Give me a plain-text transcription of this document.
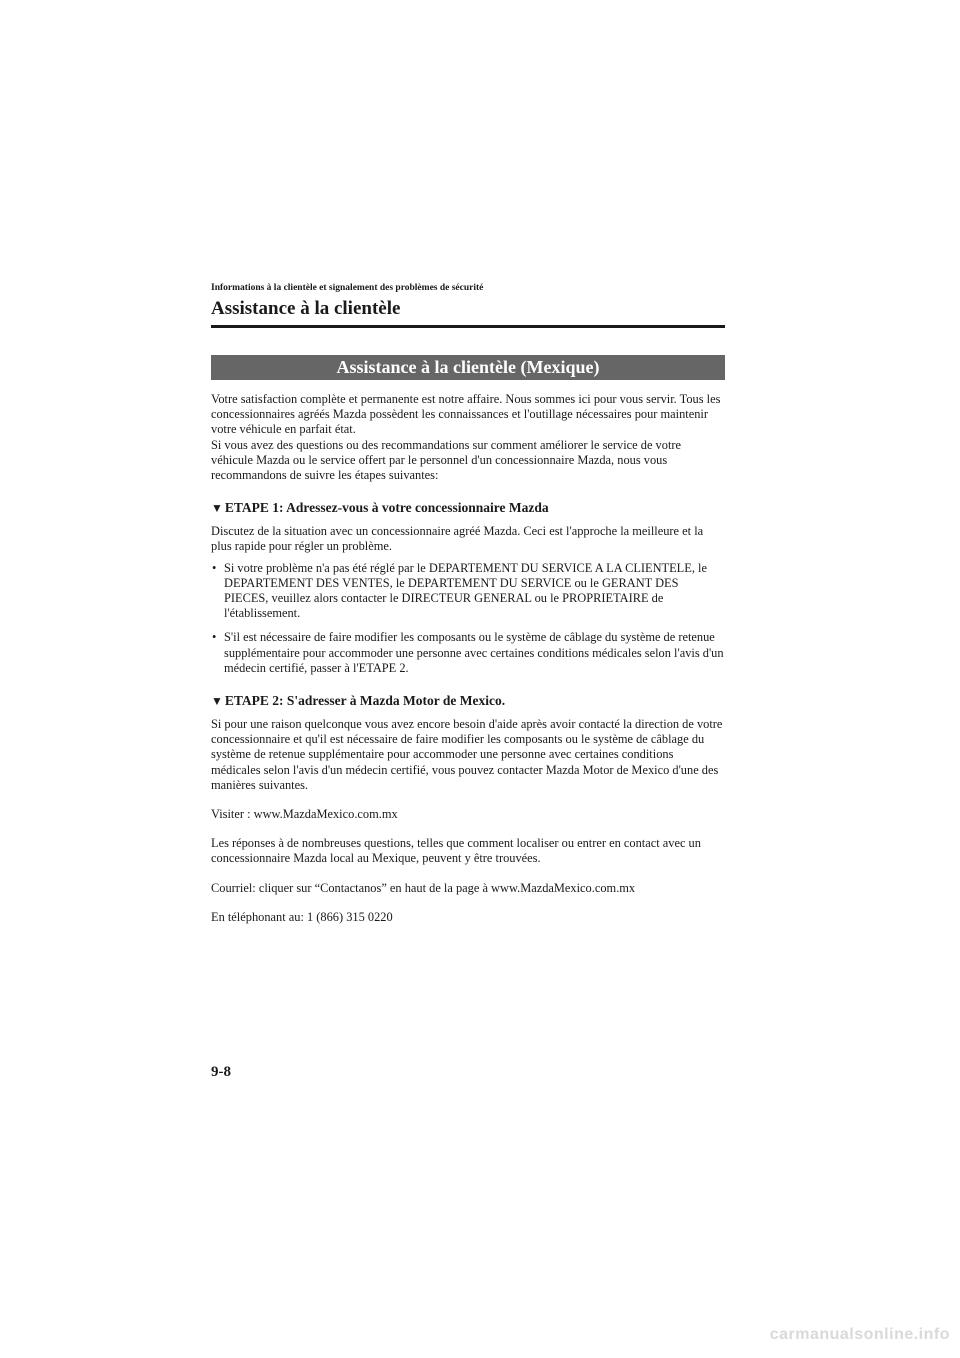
Informations à la clientèle et signalement des problèmes de sécurité

Assistance à la clientèle
Assistance à la clientèle (Mexique)

Votre satisfaction complète et permanente est notre affaire. Nous sommes ici pour vous servir. Tous les concessionnaires agréés Mazda possèdent les connaissances et l'outillage nécessaires pour maintenir votre véhicule en parfait état.

Si vous avez des questions ou des recommandations sur comment améliorer le service de votre véhicule Mazda ou le service offert par le personnel d'un concessionnaire Mazda, nous vous recommandons de suivre les étapes suivantes:

▼ ETAPE 1: Adressez-vous à votre concessionnaire Mazda

Discutez de la situation avec un concessionnaire agréé Mazda. Ceci est l'approche la meilleure et la plus rapide pour régler un problème.

• Si votre problème n'a pas été réglé par le DEPARTEMENT DU SERVICE A LA CLIENTELE, le DEPARTEMENT DES VENTES, le DEPARTEMENT DU SERVICE ou le GERANT DES PIECES, veuillez alors contacter le DIRECTEUR GENERAL ou le PROPRIETAIRE de l'établissement.
• S'il est nécessaire de faire modifier les composants ou le système de câblage du système de retenue supplémentaire pour accommoder une personne avec certaines conditions médicales selon l'avis d'un médecin certifié, passer à l'ETAPE 2.
▼ ETAPE 2: S'adresser à Mazda Motor de Mexico.

Si pour une raison quelconque vous avez encore besoin d'aide après avoir contacté la direction de votre concessionnaire et qu'il est nécessaire de faire modifier les composants ou le système de câblage du système de retenue supplémentaire pour accommoder une personne avec certaines conditions médicales selon l'avis d'un médecin certifié, vous pouvez contacter Mazda Motor de Mexico d'une des manières suivantes.

Visiter : www.MazdaMexico.com.mx

Les réponses à de nombreuses questions, telles que comment localiser ou entrer en contact avec un concessionnaire Mazda local au Mexique, peuvent y être trouvées.

Courriel: cliquer sur “Contactanos” en haut de la page à www.MazdaMexico.com.mx

En téléphonant au: 1 (866) 315 0220

9-8
carmanualsonline.info
